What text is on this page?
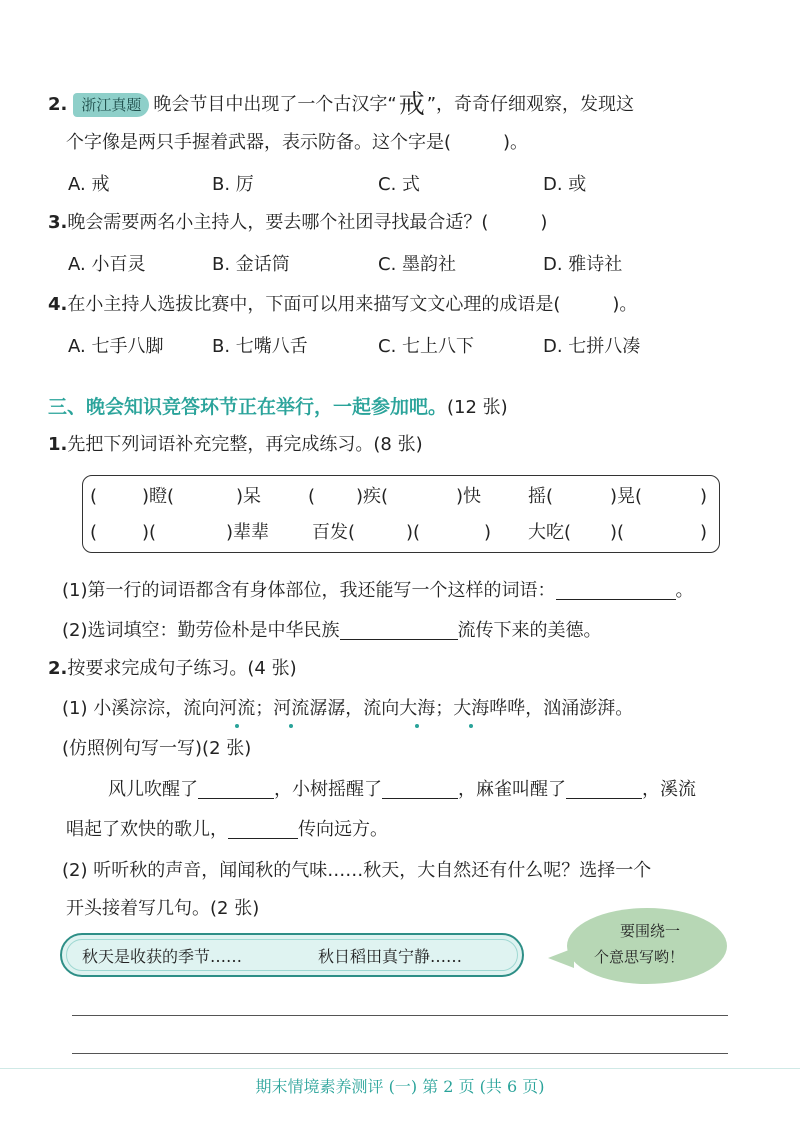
2. 浙江真题 晚会节目中出现了一个古汉字“戒 ”，奇奇仔细观察，发现这
个字像是两只手握着武器，表示防备。这个字是(	)。
A. 戒	B. 厉	C. 式	D. 或
3.晚会需要两名小主持人，要去哪个社团寻找最合适？(	)
A. 小百灵	B. 金话筒	C. 墨韵社	D. 雅诗社
4.在小主持人选拔比赛中，下面可以用来描写文文心理的成语是(	)。
A. 七手八脚	B. 七嘴八舌	C. 七上八下	D. 七拼八凑
三、晚会知识竞答环节正在举行，一起参加吧。(12 张)
1.先把下列词语补充完整，再完成练习。(8 张)
( )瞪(	)呆	( )疾(	)快	摇(	)晃(	)
( )(	)辈辈 百发(	)(	) 大吃( )(	)
(1)第一行的词语都含有身体部位，我还能写一个这样的词语：	。
(2)选词填空：勤劳俭朴是中华民族	流传下来的美德。
2.按要求完成句子练习。(4 张)
(1) 小溪淙淙，流向河流；河流潺潺，流向大海；大海哗哗，汹涌澎湃。
(仿照例句写一写)(2 张)
风儿吹醒了	，小树摇醒了	，麻雀叫醒了	，溪流
唱起了欢快的歌儿，	传向远方。
(2) 听听秋的声音，闻闻秋的气味……秋天，大自然还有什么呢？选择一个
开头接着写几句。(2 张)
秋天是收获的季节……	秋日稻田真宁静……
要围绕一
个意思写哟！
期末情境素养测评 (一) 第 2 页 (共 6 页)
